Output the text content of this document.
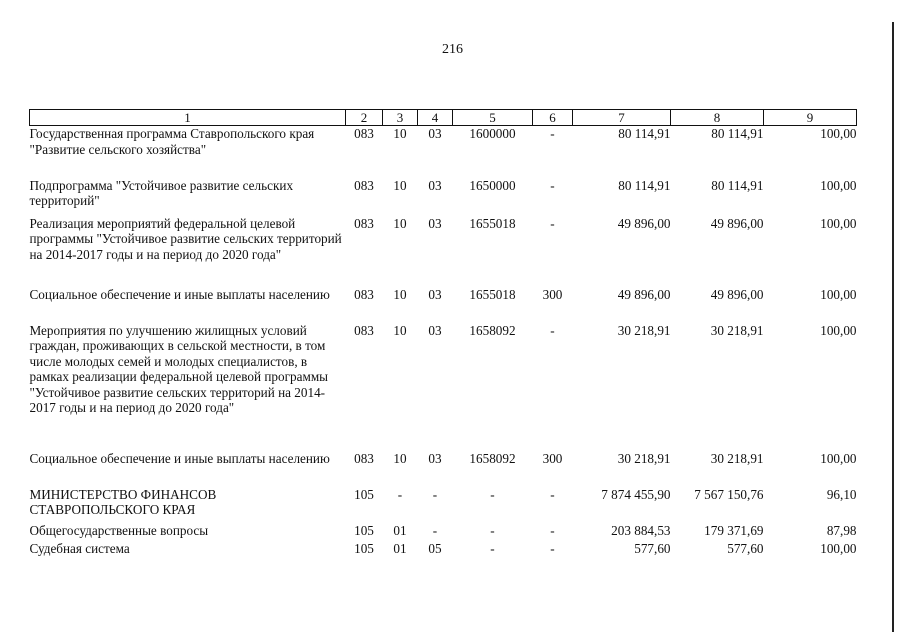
216
1	2	3	4	5	6	7	8	9
Государственная программа Ставропольского края "Развитие сельского хозяйства"	083	10	03	1600000	-	80 114,91	80 114,91	100,00
Подпрограмма "Устойчивое развитие сельских территорий"	083	10	03	1650000	-	80 114,91	80 114,91	100,00
Реализация мероприятий федеральной целевой программы "Устойчивое развитие сельских территорий на 2014-2017 годы и на период до 2020 года"	083	10	03	1655018	-	49 896,00	49 896,00	100,00
Социальное обеспечение и иные выплаты населению	083	10	03	1655018	300	49 896,00	49 896,00	100,00
Мероприятия по улучшению жилищных условий граждан, проживающих в сельской местности, в том числе молодых семей и молодых специалистов, в рамках реализации федеральной целевой программы "Устойчивое развитие сельских территорий на 2014-2017 годы и на период до 2020 года"	083	10	03	1658092	-	30 218,91	30 218,91	100,00
Социальное обеспечение и иные выплаты населению	083	10	03	1658092	300	30 218,91	30 218,91	100,00
МИНИСТЕРСТВО ФИНАНСОВ СТАВРОПОЛЬСКОГО КРАЯ	105	-	-	-	-	7 874 455,90	7 567 150,76	96,10
Общегосударственные вопросы	105	01	-	-	-	203 884,53	179 371,69	87,98
Судебная система	105	01	05	-	-	577,60	577,60	100,00
